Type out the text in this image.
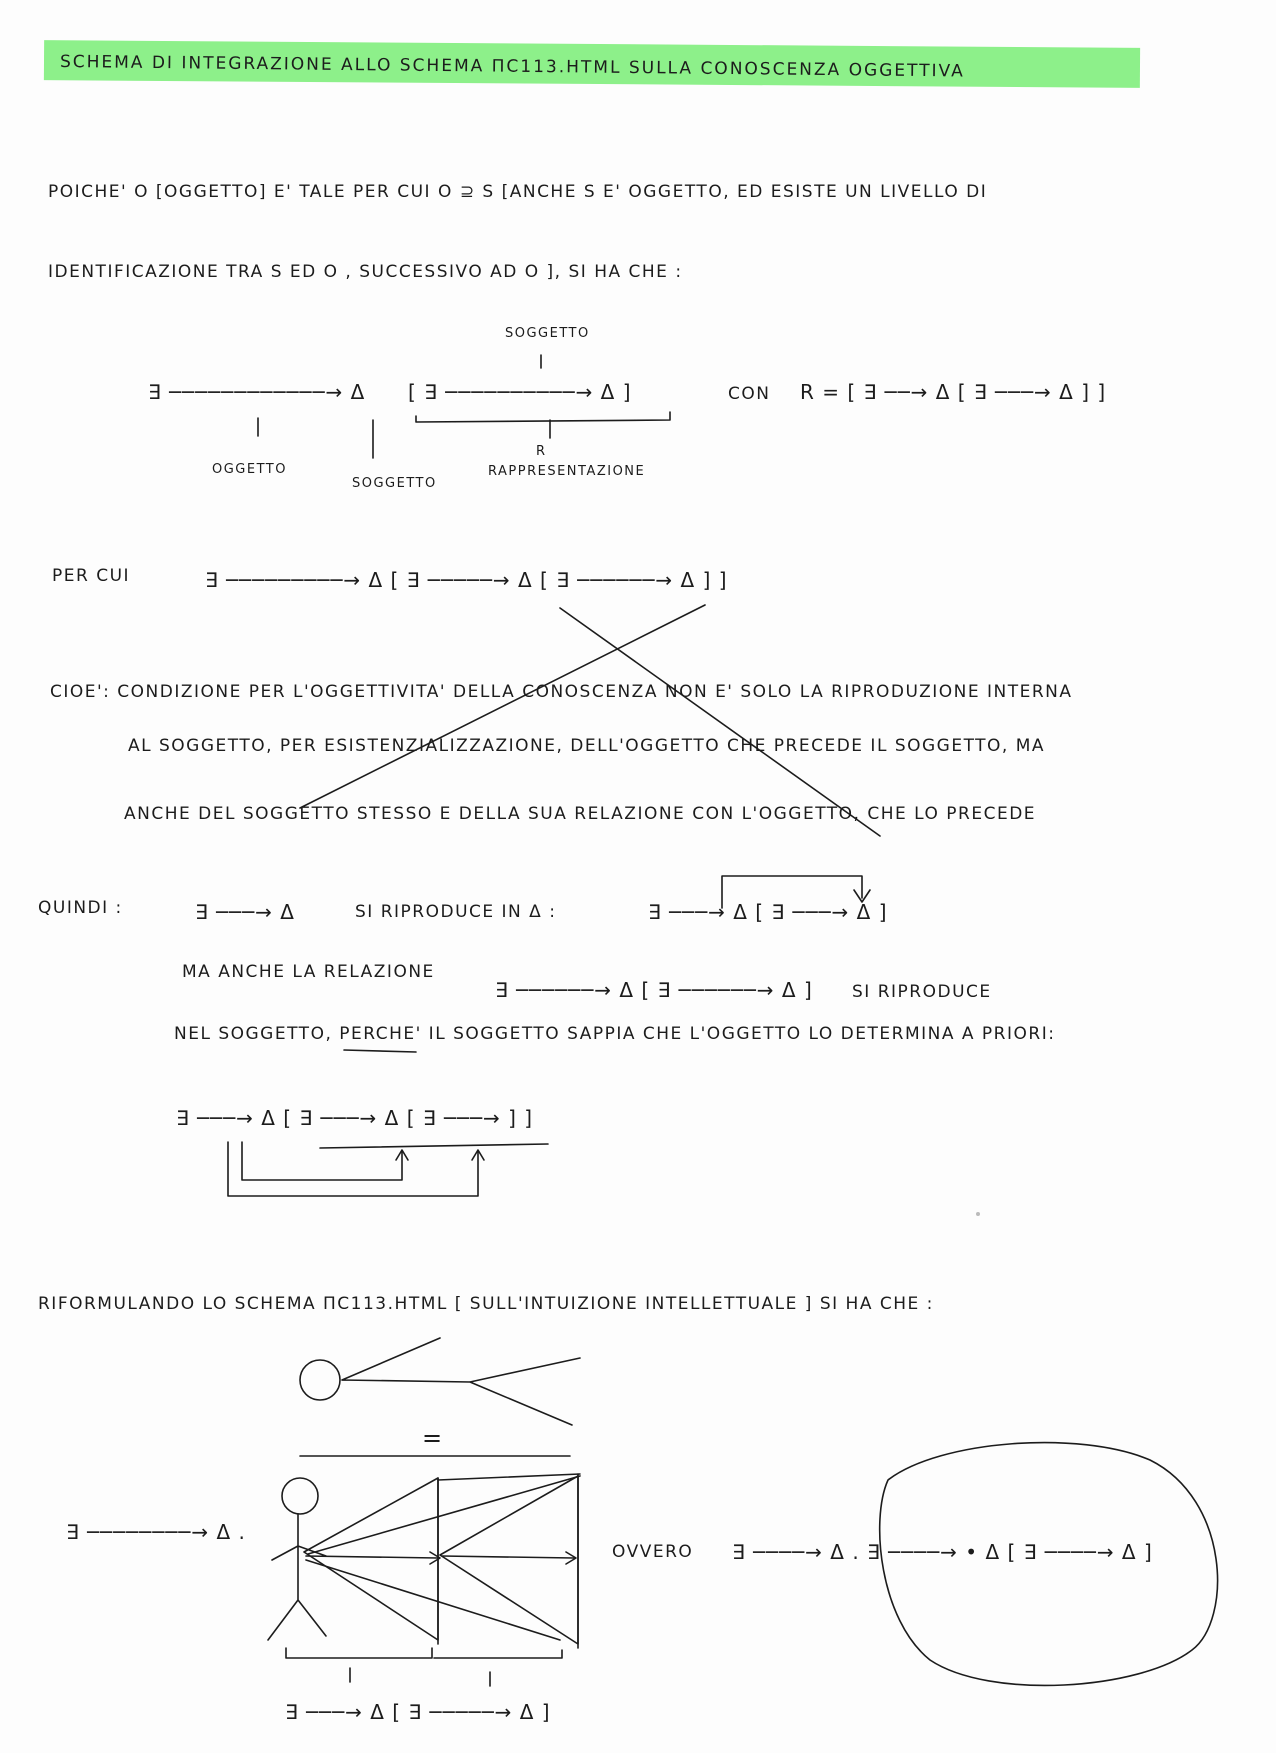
SCHEMA DI INTEGRAZIONE ALLO SCHEMA ПC113.HTML SULLA CONOSCENZA OGGETTIVA
POICHE' O [OGGETTO] E' TALE PER CUI O ⊇ S [ANCHE S E' OGGETTO, ED ESISTE UN LIVELLO DI
IDENTIFICAZIONE TRA S ED O , SUCCESSIVO AD O ], SI HA CHE :
SOGGETTO
∃ ────────────→ Δ [ ∃ ──────────→ Δ ]
OGGETTO
SOGGETTO
R
RAPPRESENTAZIONE
CON R = [ ∃ ──→ Δ [ ∃ ───→ Δ ] ]
PER CUI	∃ ─────────→ Δ [ ∃ ─────→ Δ [ ∃ ──────→ Δ ] ]
CIOE': CONDIZIONE PER L'OGGETTIVITA' DELLA CONOSCENZA NON E' SOLO LA RIPRODUZIONE INTERNA
AL SOGGETTO, PER ESISTENZIALIZZAZIONE, DELL'OGGETTO CHE PRECEDE IL SOGGETTO, MA
ANCHE DEL SOGGETTO STESSO E DELLA SUA RELAZIONE CON L'OGGETTO, CHE LO PRECEDE
QUINDI :	∃ ───→ Δ	SI RIPRODUCE IN Δ :	∃ ───→ Δ [ ∃ ───→ Δ ]
MA ANCHE LA RELAZIONE
∃ ──────→ Δ [ ∃ ──────→ Δ ] SI RIPRODUCE
NEL SOGGETTO, PERCHE' IL SOGGETTO SAPPIA CHE L'OGGETTO LO DETERMINA A PRIORI:
∃ ───→ Δ [ ∃ ───→ Δ [ ∃ ───→ ] ]
RIFORMULANDO LO SCHEMA ПC113.HTML [ SULL'INTUIZIONE INTELLETTUALE ] SI HA CHE :
=
∃ ────────→ Δ .
OVVERO ∃ ────→ Δ . ∃ ────→ • Δ [ ∃ ────→ Δ ]
∃ ───→ Δ [ ∃ ─────→ Δ ]
